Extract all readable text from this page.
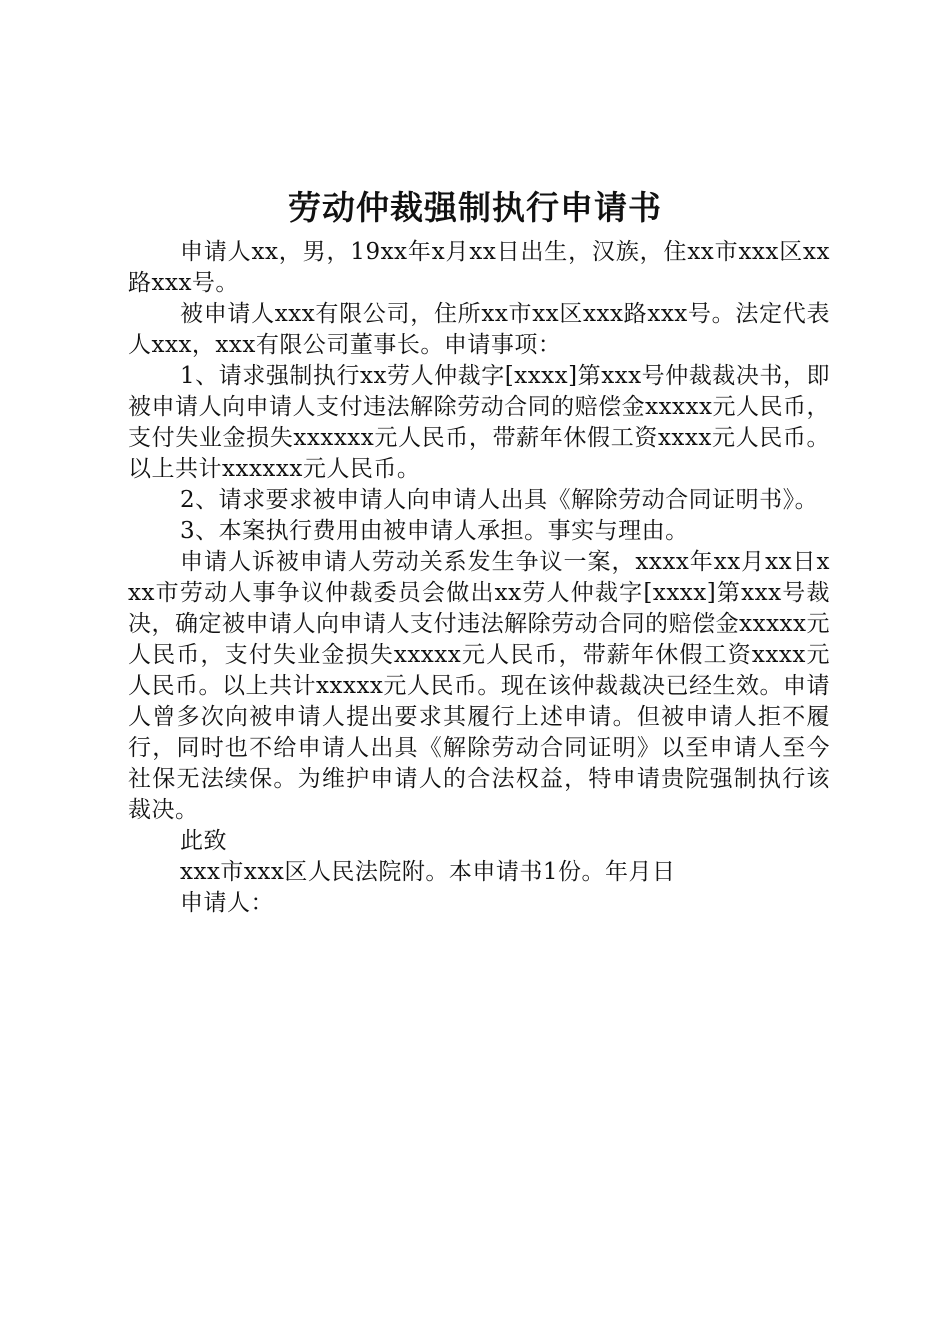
劳动仲裁强制执行申请书

申请人xx，男，19xx年x月xx日出生，汉族，住xx市xxx区xx路xxx号。

被申请人xxx有限公司，住所xx市xx区xxx路xxx号。法定代表人xxx，xxx有限公司董事长。申请事项：

1、请求强制执行xx劳人仲裁字[xxxx]第xxx号仲裁裁决书，即被申请人向申请人支付违法解除劳动合同的赔偿金xxxxx元人民币，支付失业金损失xxxxxx元人民币，带薪年休假工资xxxx元人民币。以上共计xxxxxx元人民币。

2、请求要求被申请人向申请人出具《解除劳动合同证明书》。

3、本案执行费用由被申请人承担。事实与理由。

申请人诉被申请人劳动关系发生争议一案，xxxx年xx月xx日xxx市劳动人事争议仲裁委员会做出xx劳人仲裁字[xxxx]第xxx号裁决，确定被申请人向申请人支付违法解除劳动合同的赔偿金xxxxx元人民币，支付失业金损失xxxxx元人民币，带薪年休假工资xxxx元人民币。以上共计xxxxx元人民币。现在该仲裁裁决已经生效。申请人曾多次向被申请人提出要求其履行上述申请。但被申请人拒不履行，同时也不给申请人出具《解除劳动合同证明》以至申请人至今社保无法续保。为维护申请人的合法权益，特申请贵院强制执行该裁决。

此致

xxx市xxx区人民法院附。本申请书1份。年月日

申请人：
